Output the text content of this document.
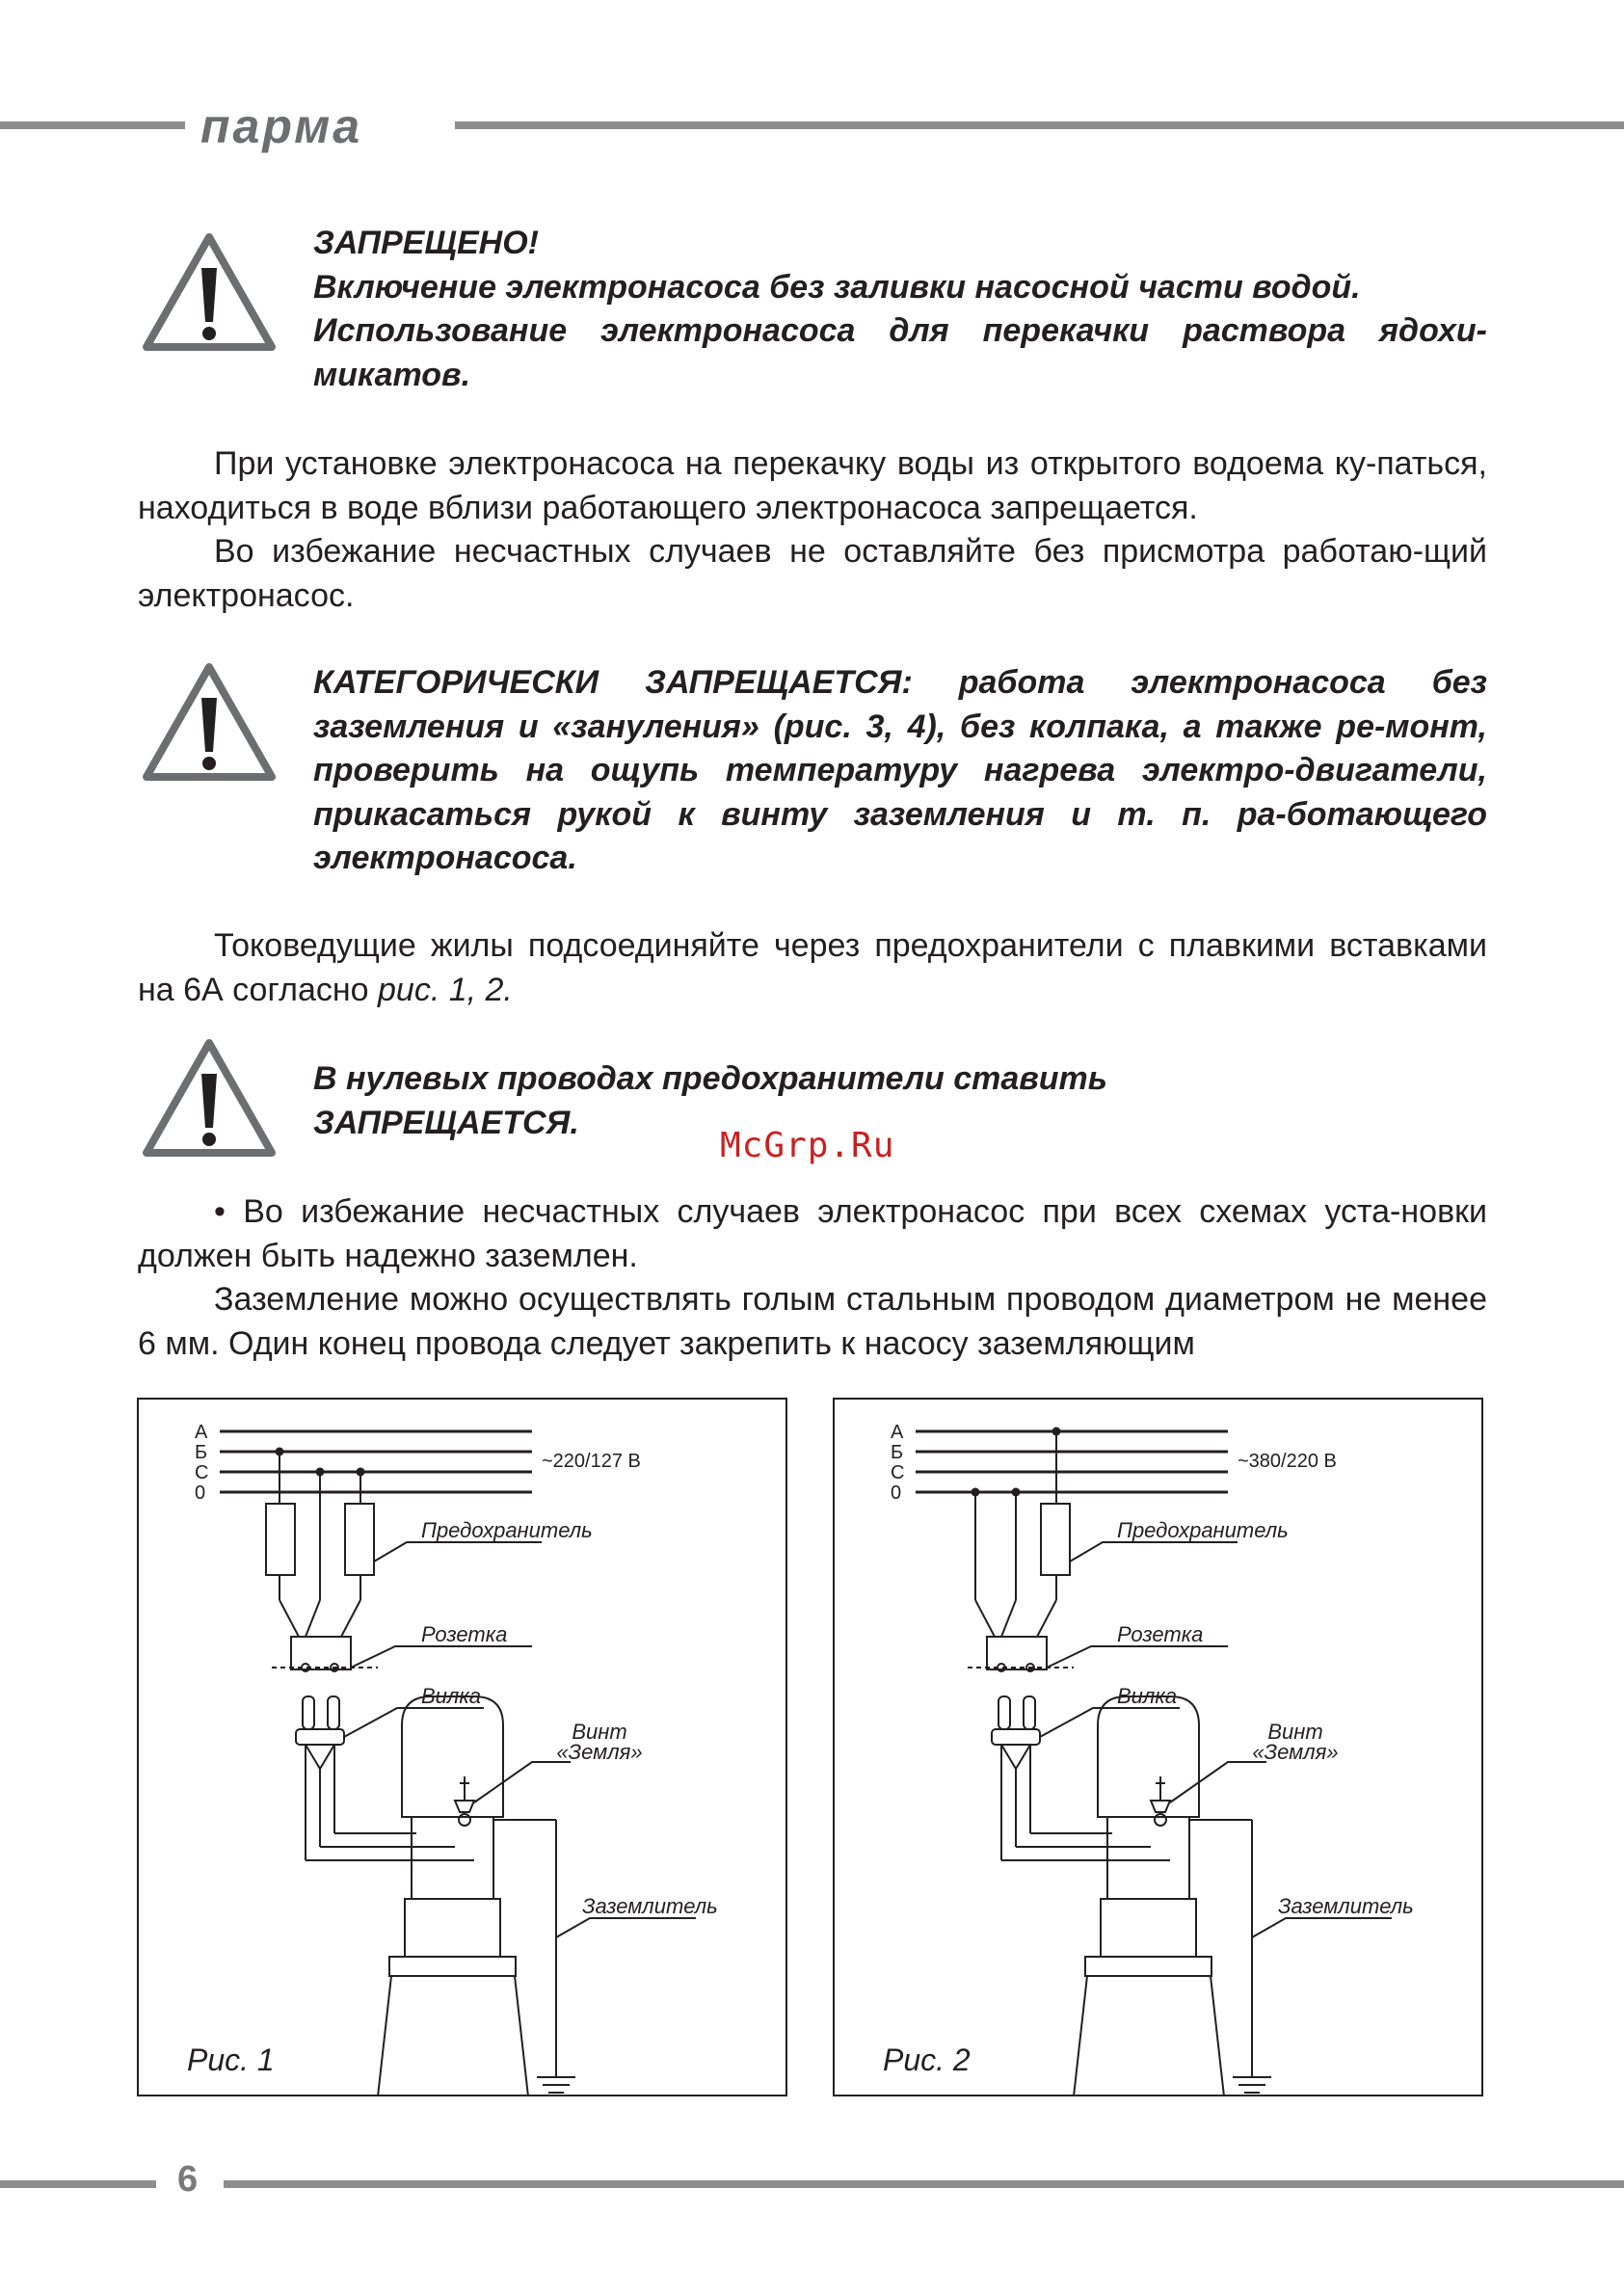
парма

ЗАПРЕЩЕНО!

Включение электронасоса без заливки насосной части водой.

Использование электронасоса для перекачки раствора ядохи-микатов.

При установке электронасоса на перекачку воды из открытого водоема ку-паться, находиться в воде вблизи работающего электронасоса запрещается.

Во избежание несчастных случаев не оставляйте без присмотра работаю-щий электронасос.

КАТЕГОРИЧЕСКИ ЗАПРЕЩАЕТСЯ: работа электронасоса без заземления и «зануления» (рис. 3, 4), без колпака, а также ре-монт, проверить на ощупь температуру нагрева электро-двигатели, прикасаться рукой к винту заземления и т. п. ра-ботающего электронасоса.

Токоведущие жилы подсоединяйте через предохранители с плавкими вставками на 6А согласно рис. 1, 2.

В нулевых проводах предохранители ставить

ЗАПРЕЩАЕТСЯ.

McGrp.Ru

• Во избежание несчастных случаев электронасос при всех схемах уста-новки должен быть надежно заземлен.

Заземление можно осуществлять голым стальным проводом диаметром не менее 6 мм. Один конец провода следует закрепить к насосу заземляющим

А
Б
С
0
~220/127 В
Предохранитель
Розетка
Вилка
Винт
«Земля»
Заземлитель
Рис. 1
А
Б
С
0
~380/220 В
Предохранитель
Розетка
Вилка
Винт
«Земля»
Заземлитель
Рис. 2
6
